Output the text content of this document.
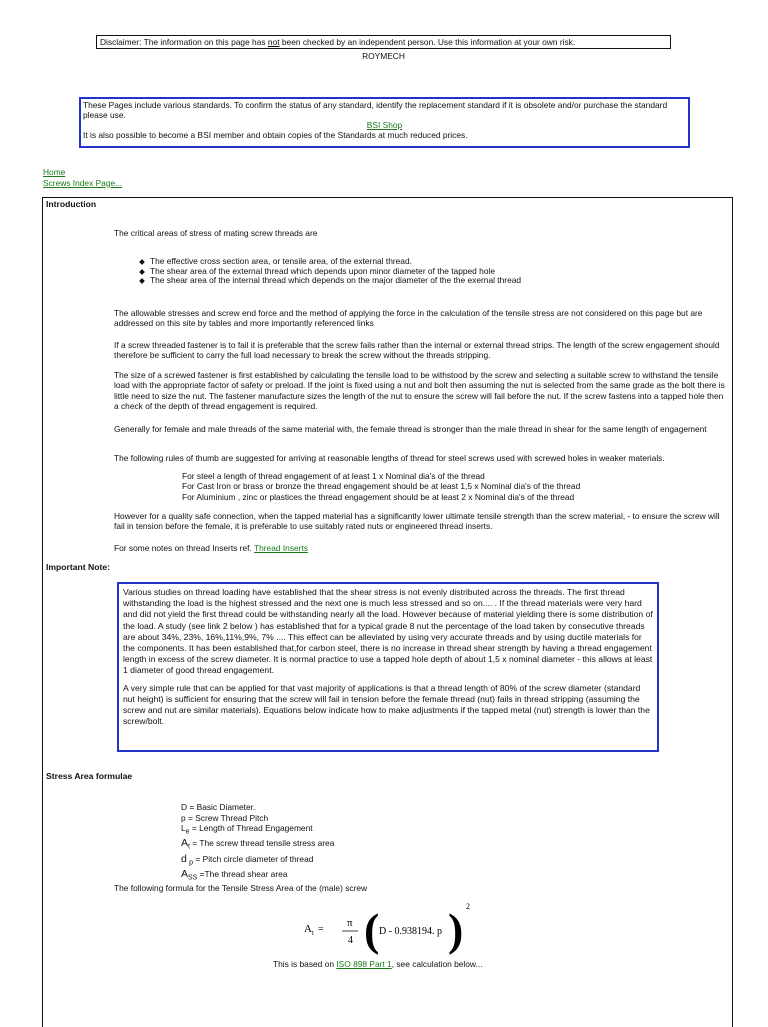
Disclaimer: The information on this page has not been checked by an independent person. Use this information at your own risk.
ROYMECH
These Pages include various standards. To confirm the status of any standard, identify the replacement standard if it is obsolete and/or purchase the standard please use.
BSI Shop
It is also possible to become a BSI member and obtain copies of the Standards at much reduced prices.
Home
Screws Index Page...
Introduction

The critical areas of stress of mating screw threads are

The effective cross section area, or tensile area, of the external thread.
The shear area of the external thread which depends upon minor diameter of the tapped hole
The shear area of the internal thread which depends on the major diameter of the the exernal thread

The allowable stresses and screw end force and the method of applying the force in the calculation of the tensile stress are not considered on this page but are addressed on this site by tables and more importantly referenced links

If a screw threaded fastener is to fail it is preferable that the screw fails rather than the internal or external thread strips. The length of the screw engagement should therefore be sufficient to carry the full load necessary to break the screw without the threads stripping.

The size of a screwed fastener is first established by calculating the tensile load to be withstood by the screw and selecting a suitable screw to withstand the tensile load with the appropriate factor of safety or preload. If the joint is fixed using a nut and bolt then assuming the nut is selected from the same grade as the bolt there is little need to size the nut. The fastener manufacture sizes the length of the nut to ensure the screw will fail before the nut. If the screw fastens into a tapped hole then a check of the depth of thread engagement is required.

Generally for female and male threads of the same material with, the female thread is stronger than the male thread in shear for the same length of engagement

The following rules of thumb are suggested for arriving at reasonable lengths of thread for steel screws used with screwed holes in weaker materials.

For steel a length of thread engagement of at least 1 x Nominal dia's of the thread
For Cast Iron or brass or bronze the thread engagement should be at least 1,5 x Nominal dia's of the thread
For Aluminium , zinc or plastices the thread engagement should be at least 2 x Nominal dia's of the thread

However for a quality safe connection, when the tapped material has a significantly lower ultimate tensile strength than the screw material, - to ensure the screw will fail in tension before the female, it is preferable to use suitably rated nuts or engineered thread inserts.

For some notes on thread Inserts ref. Thread Inserts

Important Note:

Various studies on thread loading have established that the shear stress is not evenly distributed across the threads. The first thread withstanding the load is the highest stressed and the next one is much less stressed and so on.... . If the thread materials were very hard and did not yield the first thread could be withstanding nearly all the load. However because of material yielding there is some distribution of the load. A study (see link 2 below ) has established that for a typical grade 8 nut the percentage of the load taken by consecutive threads are about 34%, 23%, 16%,11%,9%, 7% .... This effect can be alleviated by using very accurate threads and by using ductile materials for the components. It has been established that,for carbon steel, there is no increase in thread shear strength by having a thread engagement length in excess of the screw diameter. It is normal practice to use a tapped hole depth of about 1,5 x nominal diameter - this allows at least 1 diameter of good thread engagement.

A very simple rule that can be applied for that vast majority of applications is that a thread length of 80% of the screw diameter (standard nut height) is sufficient for ensuring that the screw will fail in tension before the female thread (nut) fails in thread stripping (assuming the screw and nut are similar materials). Equations below indicate how to make adjustments if the tapped metal (nut) strength is lower than the screw/bolt.

Stress Area formulae
D = Basic Diameter.
p = Screw Thread Pitch
$L_e$ = Length of Thread Engagement
$A_t$ = The screw thread tensile stress area
d $_p$ = Pitch circle diameter of thread
$A_{SS} =The$ thread shear area

The following formula for the Tensile Stress Area of the (male) screw

A t =
π
4 ( D - 0.938194. p ) 2

This is based on ISO 898 Part 1, see calculation below...
